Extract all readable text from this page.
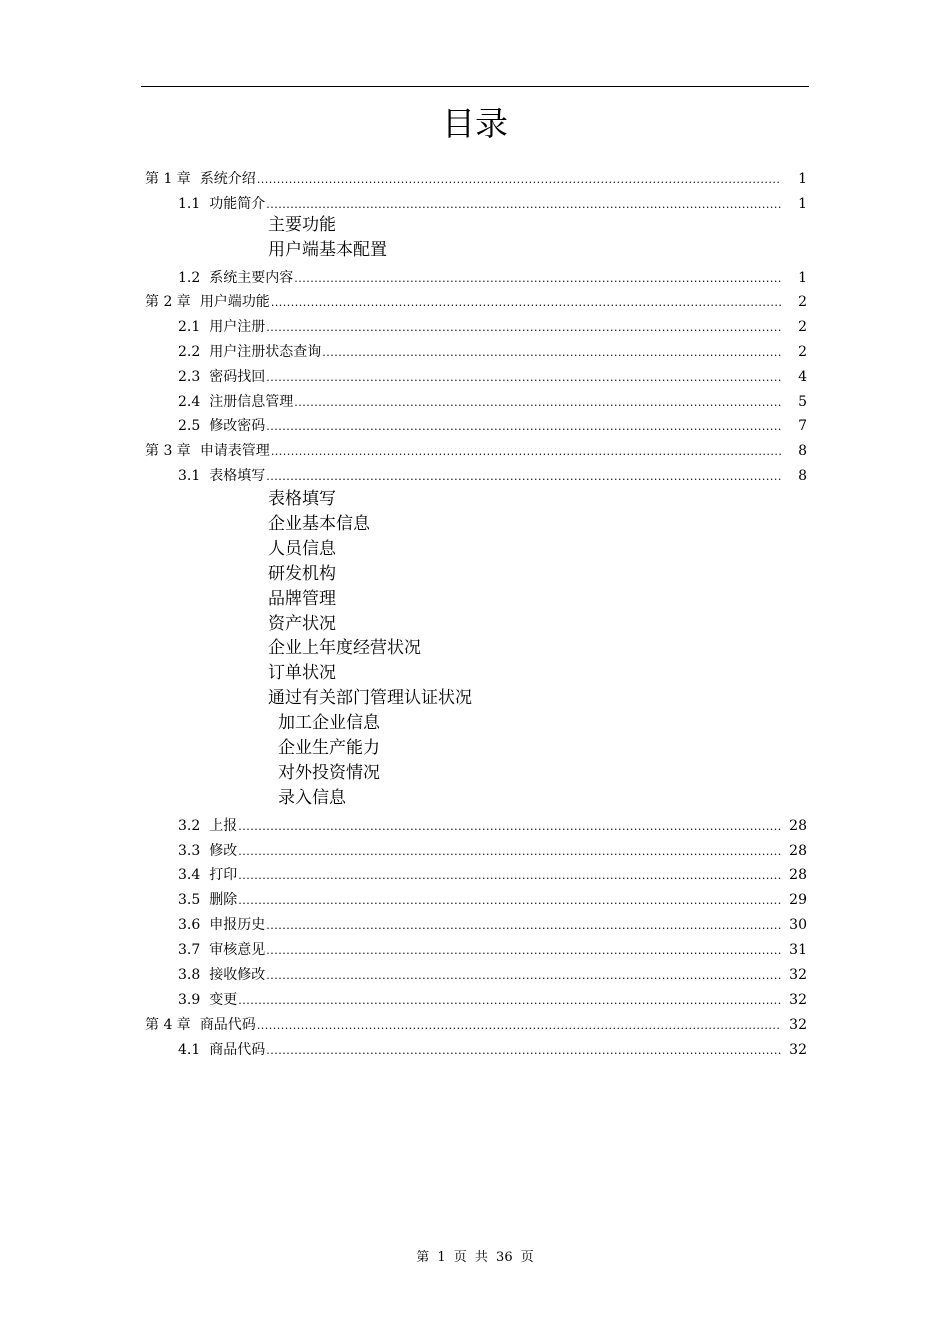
目录
第 1 章 系统介绍 .....	1
1.1 功能简介 .....	1
主要功能
用户端基本配置
1.2 系统主要内容 .....	1
第 2 章 用户端功能 .....	2
2.1 用户注册 .....	2
2.2 用户注册状态查询 .....	2
2.3 密码找回 .....	4
2.4 注册信息管理 .....	5
2.5 修改密码 .....	7
第 3 章 申请表管理 .....	8
3.1 表格填写 .....	8
表格填写
企业基本信息
人员信息
研发机构
品牌管理
资产状况
企业上年度经营状况
订单状况
通过有关部门管理认证状况
加工企业信息
企业生产能力
对外投资情况
录入信息
3.2 上报 .....	28
3.3 修改 .....	28
3.4 打印 .....	28
3.5 删除 .....	29
3.6 申报历史 .....	30
3.7 审核意见 .....	31
3.8 接收修改 .....	32
3.9 变更 .....	32
第 4 章 商品代码 .....	32
4.1 商品代码 .....	32
第 1 页 共 36 页
